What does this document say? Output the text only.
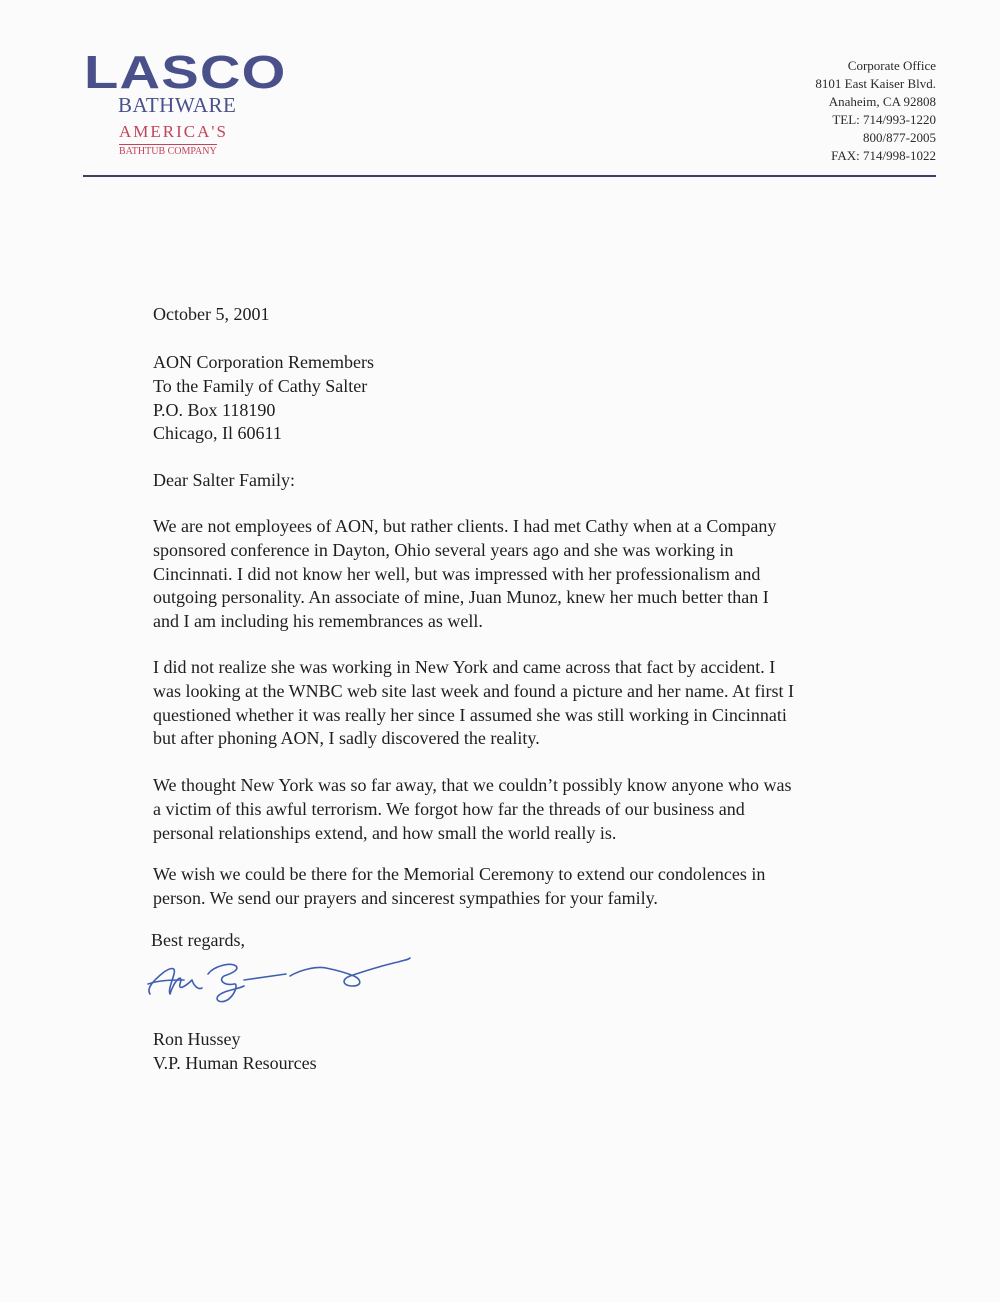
LASCO
BATHWARE
AMERICA'S
BATHTUB COMPANY
Corporate Office
8101 East Kaiser Blvd.
Anaheim, CA 92808
TEL: 714/993-1220
800/877-2005
FAX: 714/998-1022
October 5, 2001
AON Corporation Remembers
To the Family of Cathy Salter
P.O. Box 118190
Chicago, Il 60611
Dear Salter Family:
We are not employees of AON, but rather clients. I had met Cathy when at a Company
sponsored conference in Dayton, Ohio several years ago and she was working in
Cincinnati. I did not know her well, but was impressed with her professionalism and
outgoing personality. An associate of mine, Juan Munoz, knew her much better than I
and I am including his remembrances as well.
I did not realize she was working in New York and came across that fact by accident. I
was looking at the WNBC web site last week and found a picture and her name. At first I
questioned whether it was really her since I assumed she was still working in Cincinnati
but after phoning AON, I sadly discovered the reality.
We thought New York was so far away, that we couldn’t possibly know anyone who was
a victim of this awful terrorism. We forgot how far the threads of our business and
personal relationships extend, and how small the world really is.
We wish we could be there for the Memorial Ceremony to extend our condolences in
person. We send our prayers and sincerest sympathies for your family.
Best regards,
Ron Hussey
V.P. Human Resources
